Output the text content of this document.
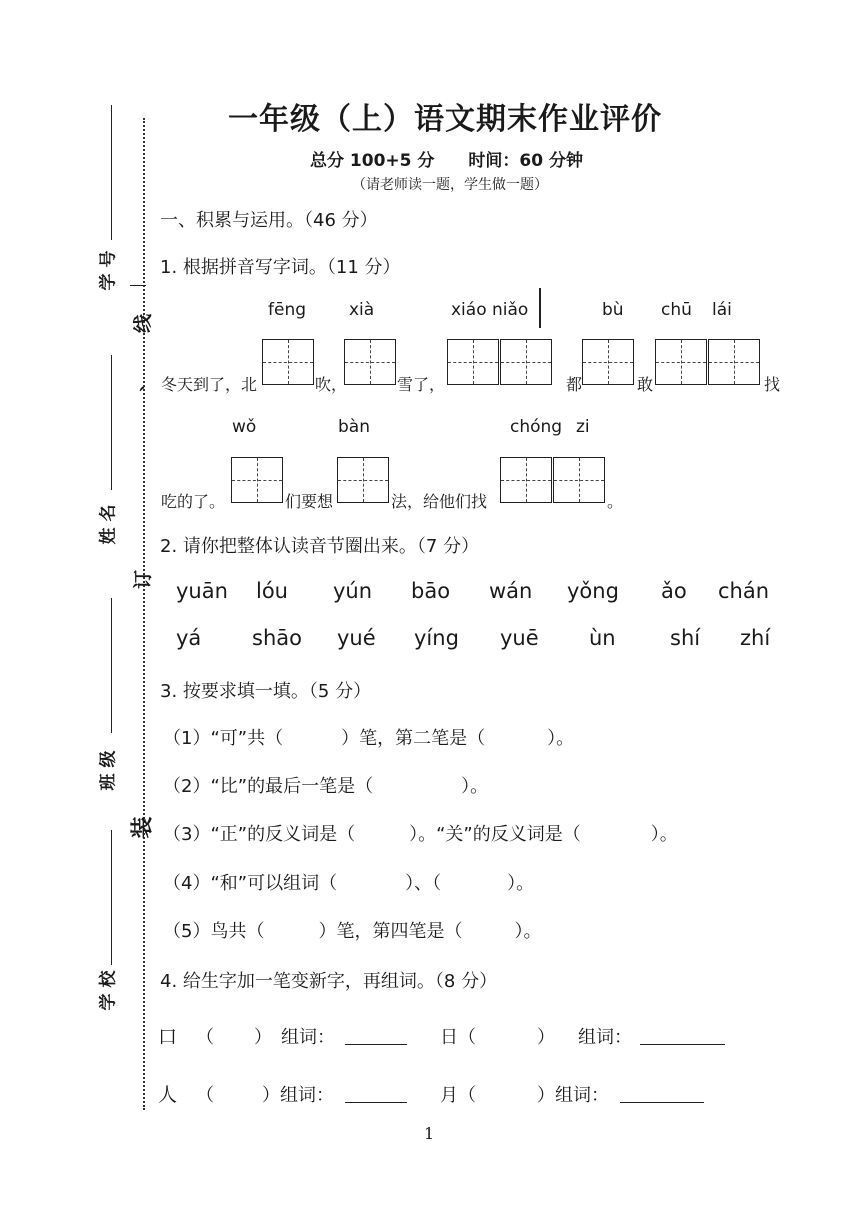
学 号
姓 名
班 级
学 校
线
、
订
装
一年级（上）语文期末作业评价
总分 100+5 分　　时间：60 分钟
（请老师读一题，学生做一题）
一、积累与运用。（46 分）
1. 根据拼音写字词。（11 分）
fēng	xià	xiáo niǎo	bù chū lái
冬天到了，北	吹，	雪了，	都	敢	找
wǒ	bàn	chóng zi
吃的了。	们要想	法，给他们找	。
2. 请你把整体认读音节圈出来。（7 分）
yuān lóu yún bāo wán yǒng ǎo chán
yá shāo yué yíng yuē ùn	shí zhí
3. 按要求填一填。（5 分）
（1）“可”共（	）笔，第二笔是（	）。
（2）“比”的最后一笔是（	）。
（3）“正”的反义词是（	）。“关”的反义词是（	）。
（4）“和”可以组词（	）、（	）。
（5）鸟共（	）笔，第四笔是（	）。
4. 给生字加一笔变新字，再组词。（8 分）
口 （ ） 组词：	日（	） 组词：
人 （	）组词：	月（	）组词：
1
